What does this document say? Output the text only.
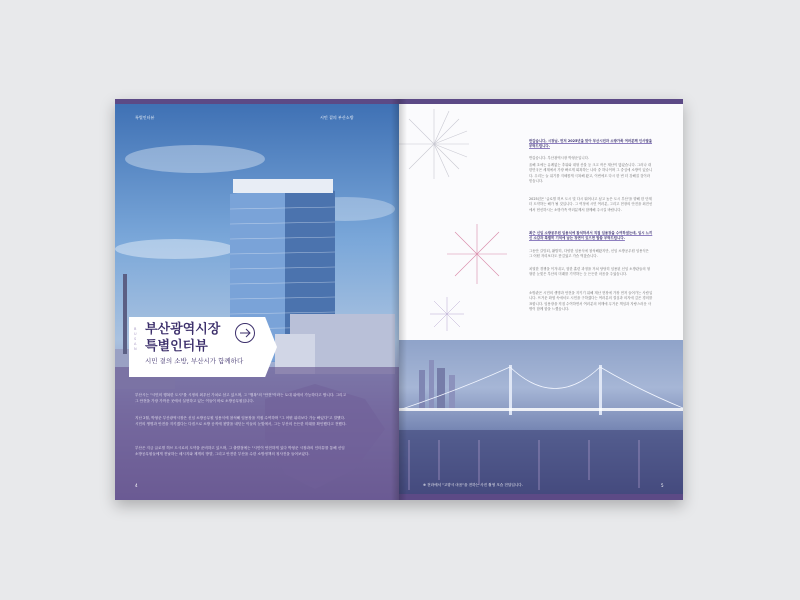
특별인터뷰	시민 곁의 부산소방
BUSAN
부산광역시장
특별인터뷰
시민 곁의 소방, 부산시가 함께하다
부산시는 "시민의 행복한 도시"를 시정의 최우선 가치로 삼고 있으며, 그 "행복"의 "안전"이라는 토대 위에서 가능하다고 합니다. 그리고 그 안전을 가장 가까운 곳에서 실현하고 있는 이들이 바로 소방공무원입니다.
지난 2월, 박형준 부산광역시장은 신임 소방공무원 임용식에 참석해 임용장을 직접 수여하며 "그 어떤 위리보다 가능 빠있다"고 말했다. 시민의 생명과 안전을 지키겠다는 다짐으로 소방 공직에 첫발을 내딛는 이들의 눈빛에서, 그는 부산의 든든한 미래를 확인했다고 전했다.
부산은 지금 글로벌 허브 도시로의 도약을 준비하고 있으며, 그 출발점에는 "시민이 안전하게 있다 박형준 시장과의 인터뷰를 통해 신임 소방공무원들에게 전날하는 메시지와 제게의 방향, 그리고 안전한 부산을 수한 소방정책의 청사진을 들어보았다.
4
반갑습니다, 시장님. 먼저 2025년을 맞아 부산시민과 소방가족 여러분께 인사말을 부탁드립니다.
반갑습니다. 부산광역시장 박형준입니다.
올해 초에는 유례없는 추위와 대형 산불 등 크고 작은 재난이 많았습니다. 그러나 대한민국은 세계에서 가장 빠르게 회복하는 나라 중 하나이며 그 중심에 소방이 있습니다. 우리는 늘 위기를 지혜롭게 극복해 왔고, 이번에도 다시 한 번 더 강해질 것이라 믿습니다.
2025년은 '글로벌 허브 도시 및 다시 뛰어나고 싶고 높은 도시 부산'을 향해 한 단계 더 도약하는 해가 될 것입니다. 그 여정에 시민 여러분, 그리고 현장의 안전을 최전선에서 헌신하시는 소방가족 여러분께서 함께해 주시길 바랍니다.
최근 신임 소방공무원 임용식에 참석하셔서 직접 임용장을 수여하셨는데, 임시 느끼신 소감과 특별히 기억에 남는 장면이 있으면 말씀 부탁드립니다.
그동안 갈망되, 활발히, 다양한 임용식에 참석해왔지만, 신임 소방공무원 임용식은 그 어떤 자리보다도 뜻깊었고 가슴 벅찼습니다.
치열한 경쟁을 이겨내고, 험한 훈련 과정을 거쳐 당당히 임용된 신임 소방관들의 형형한 눈빛은 부산의 미래를 기약하는 듯 든든한 마음을 주었습니다.
소방관은 시민의 생명과 안전을 지키기 위해 재난 현장에 가장 먼저 들어가는 사람입니다. 뜨거운 화염 속에서도 시민을 구하겠다는 여러분의 결심과 의지에 깊은 경의를 표합니다. 임용장을 직접 수여하면서 여러분의 어깨에 무거운 책임과 자랑스러운 사명이 함께 함을 느꼈습니다.
※ 전라에서 "고향시 마음"을 전하는 사진 촬영 모습 전달입니다.	5
